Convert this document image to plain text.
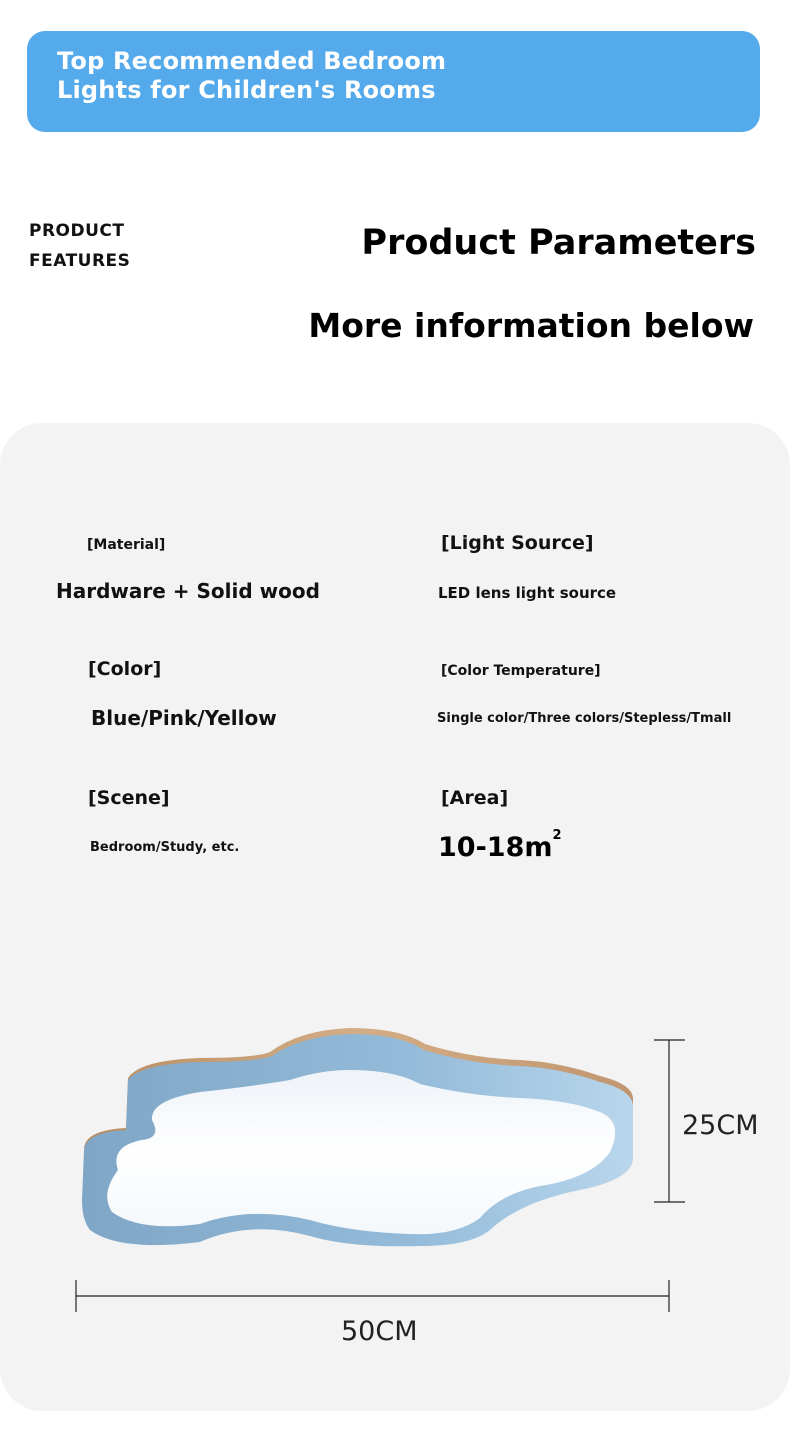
Top Recommended Bedroom
Lights for Children's Rooms
PRODUCT
FEATURES	Product Parameters
More information below
[Material]
Hardware + Solid wood
[Light Source]
LED lens light source
[Color]
Blue/Pink/Yellow
[Color Temperature]
Single color/Three colors/Stepless/Tmall
[Scene]
Bedroom/Study, etc.
[Area]
$10-18m^2$
25CM
50CM
